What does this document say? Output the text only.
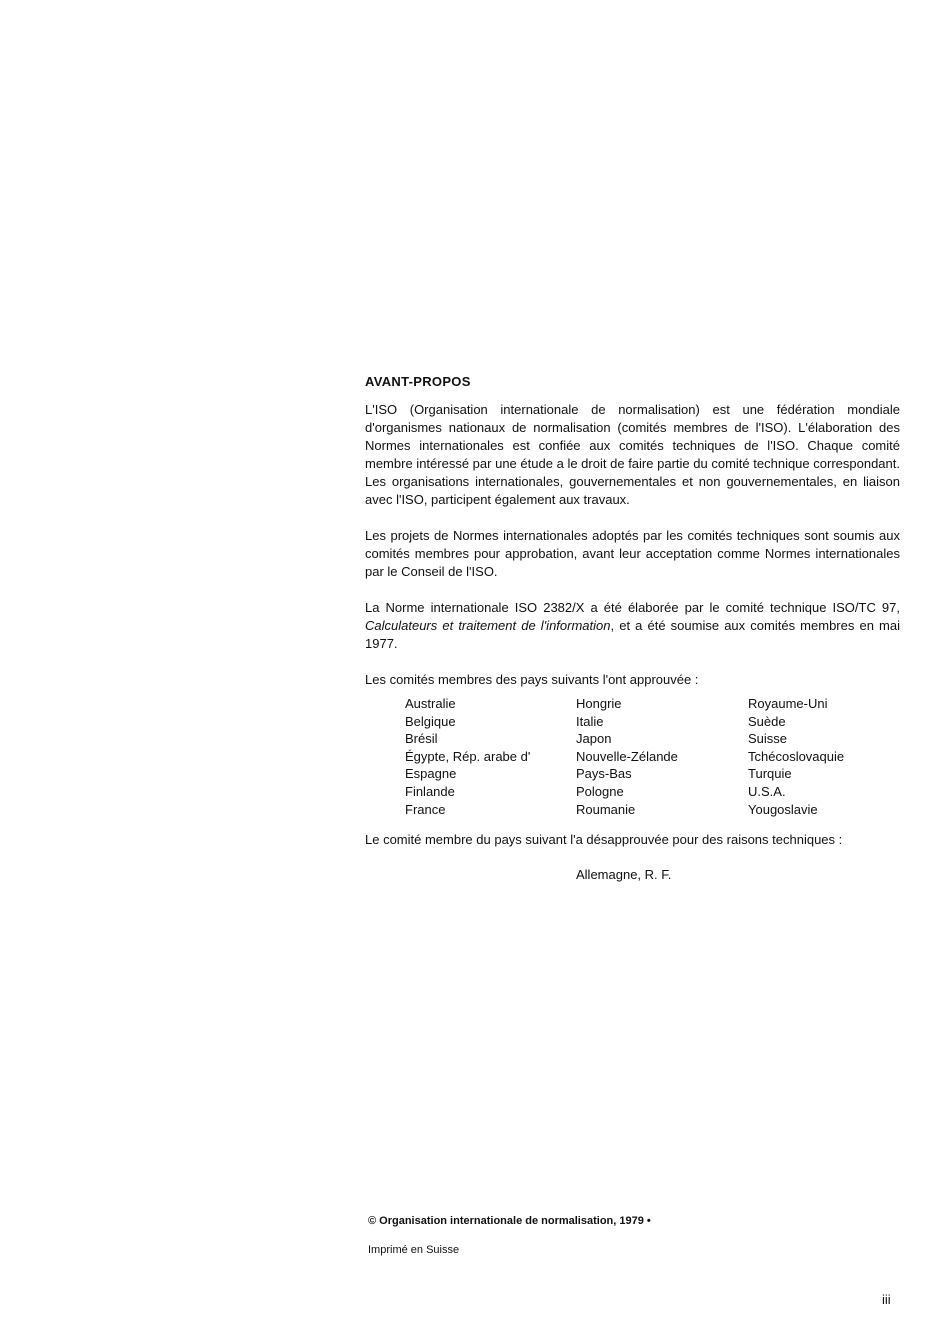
AVANT-PROPOS

L'ISO (Organisation internationale de normalisation) est une fédération mondiale d'organismes nationaux de normalisation (comités membres de l'ISO). L'élaboration des Normes internationales est confiée aux comités techniques de l'ISO. Chaque comité membre intéressé par une étude a le droit de faire partie du comité technique correspondant. Les organisations internationales, gouvernementales et non gouvernementales, en liaison avec l'ISO, participent également aux travaux.

Les projets de Normes internationales adoptés par les comités techniques sont soumis aux comités membres pour approbation, avant leur acceptation comme Normes internationales par le Conseil de l'ISO.

La Norme internationale ISO 2382/X a été élaborée par le comité technique ISO/TC 97, Calculateurs et traitement de l'information, et a été soumise aux comités membres en mai 1977.

Les comités membres des pays suivants l'ont approuvée :

Australie
Belgique
Brésil
Égypte, Rép. arabe d'
Espagne
Finlande
France
Hongrie
Italie
Japon
Nouvelle-Zélande
Pays-Bas
Pologne
Roumanie
Royaume-Uni
Suède
Suisse
Tchécoslovaquie
Turquie
U.S.A.
Yougoslavie

Le comité membre du pays suivant l'a désapprouvée pour des raisons techniques :

Allemagne, R. F.
© Organisation internationale de normalisation, 1979 •
Imprimé en Suisse
iii
